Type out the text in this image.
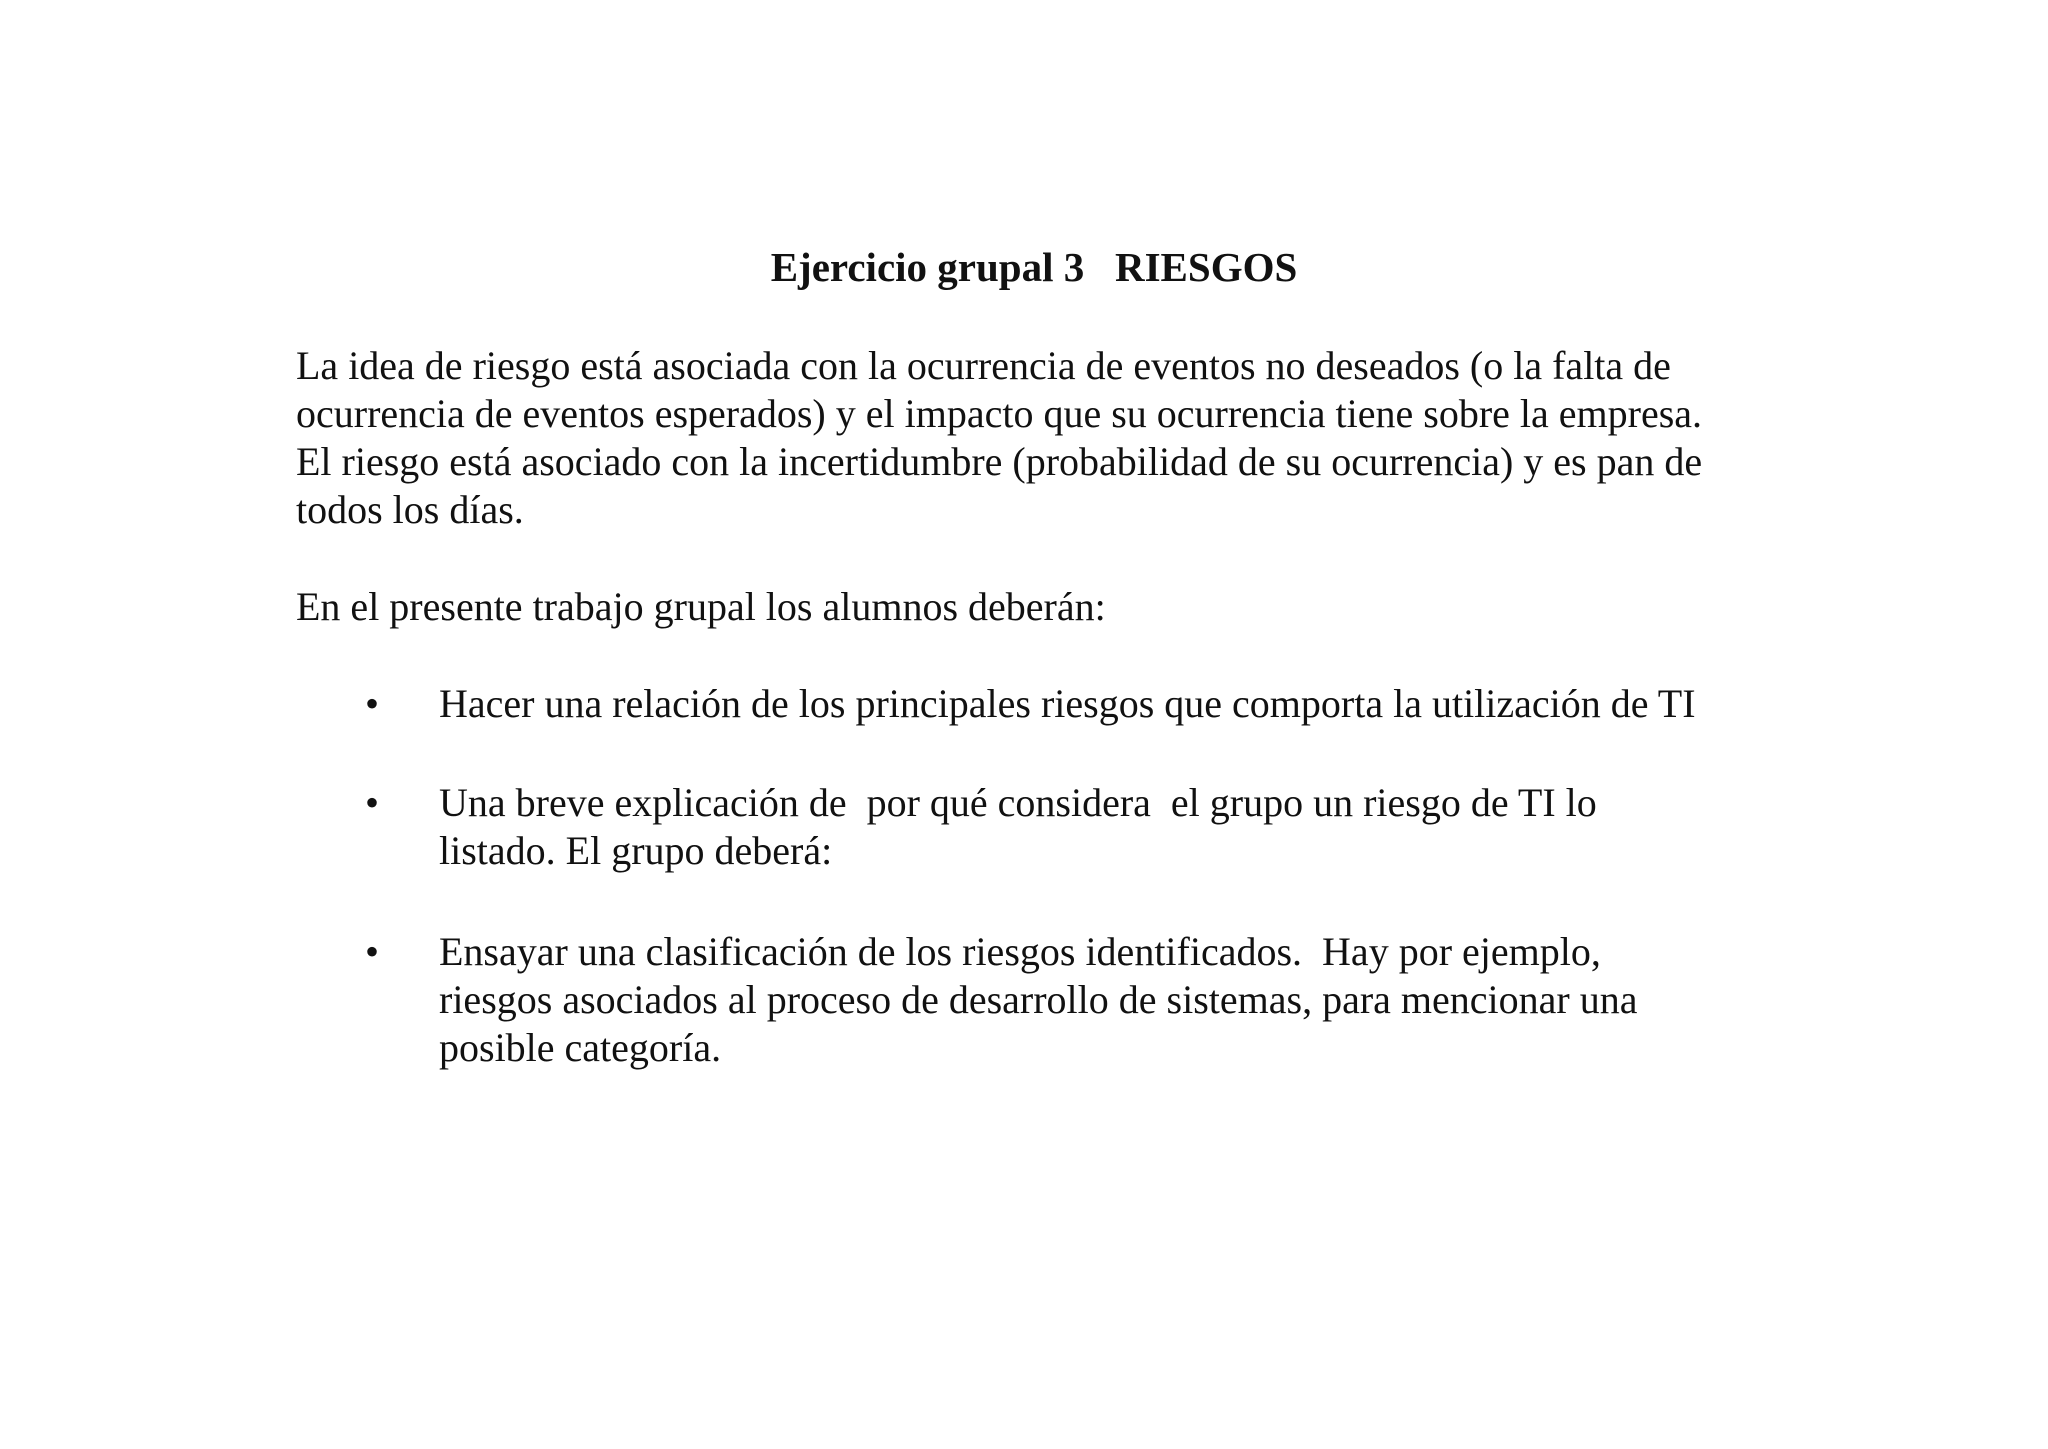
Ejercicio grupal 3   RIESGOS
La idea de riesgo está asociada con la ocurrencia de eventos no deseados (o la falta de
ocurrencia de eventos esperados) y el impacto que su ocurrencia tiene sobre la empresa.
El riesgo está asociado con la incertidumbre (probabilidad de su ocurrencia) y es pan de
todos los días.
En el presente trabajo grupal los alumnos deberán:
• Hacer una relación de los principales riesgos que comporta la utilización de TI
• Una breve explicación de  por qué considera  el grupo un riesgo de TI lo
listado. El grupo deberá:
• Ensayar una clasificación de los riesgos identificados.  Hay por ejemplo,
riesgos asociados al proceso de desarrollo de sistemas, para mencionar una
posible categoría.
